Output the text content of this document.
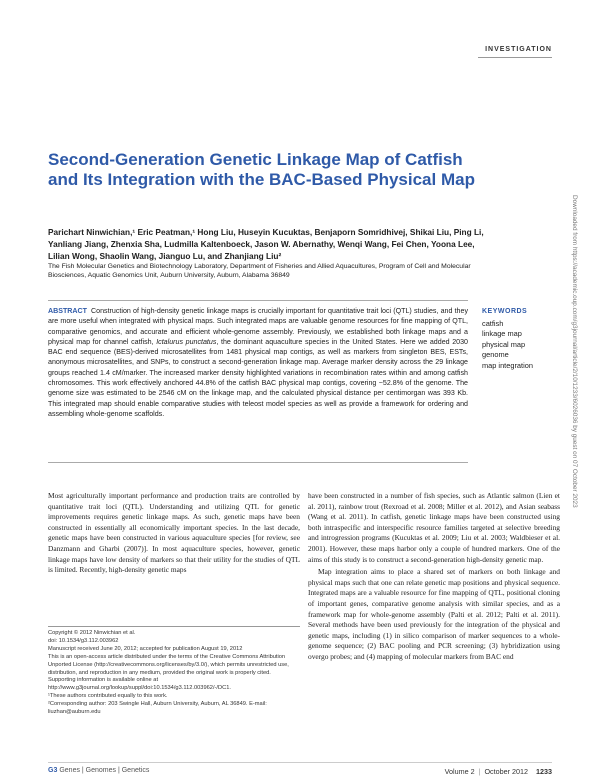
INVESTIGATION
Second-Generation Genetic Linkage Map of Catfish and Its Integration with the BAC-Based Physical Map
Parichart Ninwichian,¹ Eric Peatman,¹ Hong Liu, Huseyin Kucuktas, Benjaporn Somridhivej, Shikai Liu, Ping Li, Yanliang Jiang, Zhenxia Sha, Ludmilla Kaltenboeck, Jason W. Abernathy, Wenqi Wang, Fei Chen, Yoona Lee, Lilian Wong, Shaolin Wang, Jianguo Lu, and Zhanjiang Liu²
The Fish Molecular Genetics and Biotechnology Laboratory, Department of Fisheries and Allied Aquacultures, Program of Cell and Molecular Biosciences, Aquatic Genomics Unit, Auburn University, Auburn, Alabama 36849
ABSTRACT Construction of high-density genetic linkage maps is crucially important for quantitative trait loci (QTL) studies, and they are more useful when integrated with physical maps. Such integrated maps are valuable genome resources for fine mapping of QTL, comparative genomics, and accurate and efficient whole-genome assembly. Previously, we established both linkage maps and a physical map for channel catfish, Ictalurus punctatus, the dominant aquaculture species in the United States. Here we added 2030 BAC end sequence (BES)-derived microsatellites from 1481 physical map contigs, as well as markers from singleton BES, ESTs, anonymous microsatellites, and SNPs, to construct a second-generation linkage map. Average marker density across the 29 linkage groups reached 1.4 cM/marker. The increased marker density highlighted variations in recombination rates within and among catfish chromosomes. This work effectively anchored 44.8% of the catfish BAC physical map contigs, covering ~52.8% of the genome. The genome size was estimated to be 2546 cM on the linkage map, and the calculated physical distance per centimorgan was 393 Kb. This integrated map should enable comparative studies with teleost model species as well as provide a framework for ordering and assembling whole-genome scaffolds.
KEYWORDS
catfish
linkage map
physical map
genome
map integration	Downloaded from https://academic.oup.com/g3journal/article/2/10/1233/6026036 by guest on 07 October 2023

Most agriculturally important performance and production traits are controlled by quantitative trait loci (QTL). Understanding and utilizing QTL for genetic improvements requires genetic linkage maps. As such, genetic maps have been constructed in essentially all economically important species. In the last decade, genetic maps have been constructed in various aquaculture species [for review, see Danzmann and Gharbi (2007)]. In most aquaculture species, however, genetic linkage maps have low density of markers so that their utility for the studies of QTL is limited. Recently, high-density genetic maps

have been constructed in a number of fish species, such as Atlantic salmon (Lien et al. 2011), rainbow trout (Rexroad et al. 2008; Miller et al. 2012), and Asian seabass (Wang et al. 2011). In catfish, genetic linkage maps have been constructed using both intraspecific and interspecific resource families targeted at selective breeding and introgression programs (Kucuktas et al. 2009; Liu et al. 2003; Waldbieser et al. 2001). However, these maps harbor only a couple of hundred markers. One of the aims of this study is to construct a second-generation high-density genetic map.

Map integration aims to place a shared set of markers on both linkage and physical maps such that one can relate genetic map positions and physical sequence. Integrated maps are a valuable resource for fine mapping of QTL, positional cloning of important genes, comparative genome analysis with similar species, and as a framework map for whole-genome assembly (Palti et al. 2012; Palti et al. 2011). Several methods have been used previously for the integration of the physical and genetic maps, including (1) in silico comparison of marker sequences to a whole-genome sequence; (2) BAC pooling and PCR screening; (3) hybridization using overgo probes; and (4) mapping of molecular markers from BAC end

Copyright © 2012 Ninwichian et al.
doi: 10.1534/g3.112.003962
Manuscript received June 20, 2012; accepted for publication August 19, 2012
This is an open-access article distributed under the terms of the Creative Commons Attribution Unported License (http://creativecommons.org/licenses/by/3.0/), which permits unrestricted use, distribution, and reproduction in any medium, provided the original work is properly cited.
Supporting information is available online at http://www.g3journal.org/lookup/suppl/doi:10.1534/g3.112.003962/-/DC1.
¹These authors contributed equally to this work.
²Corresponding author: 203 Swingle Hall, Auburn University, Auburn, AL 36849. E-mail: liuzhan@auburn.edu
G3 Genes | Genomes | Genetics	Volume 2 | October 2012 1233
